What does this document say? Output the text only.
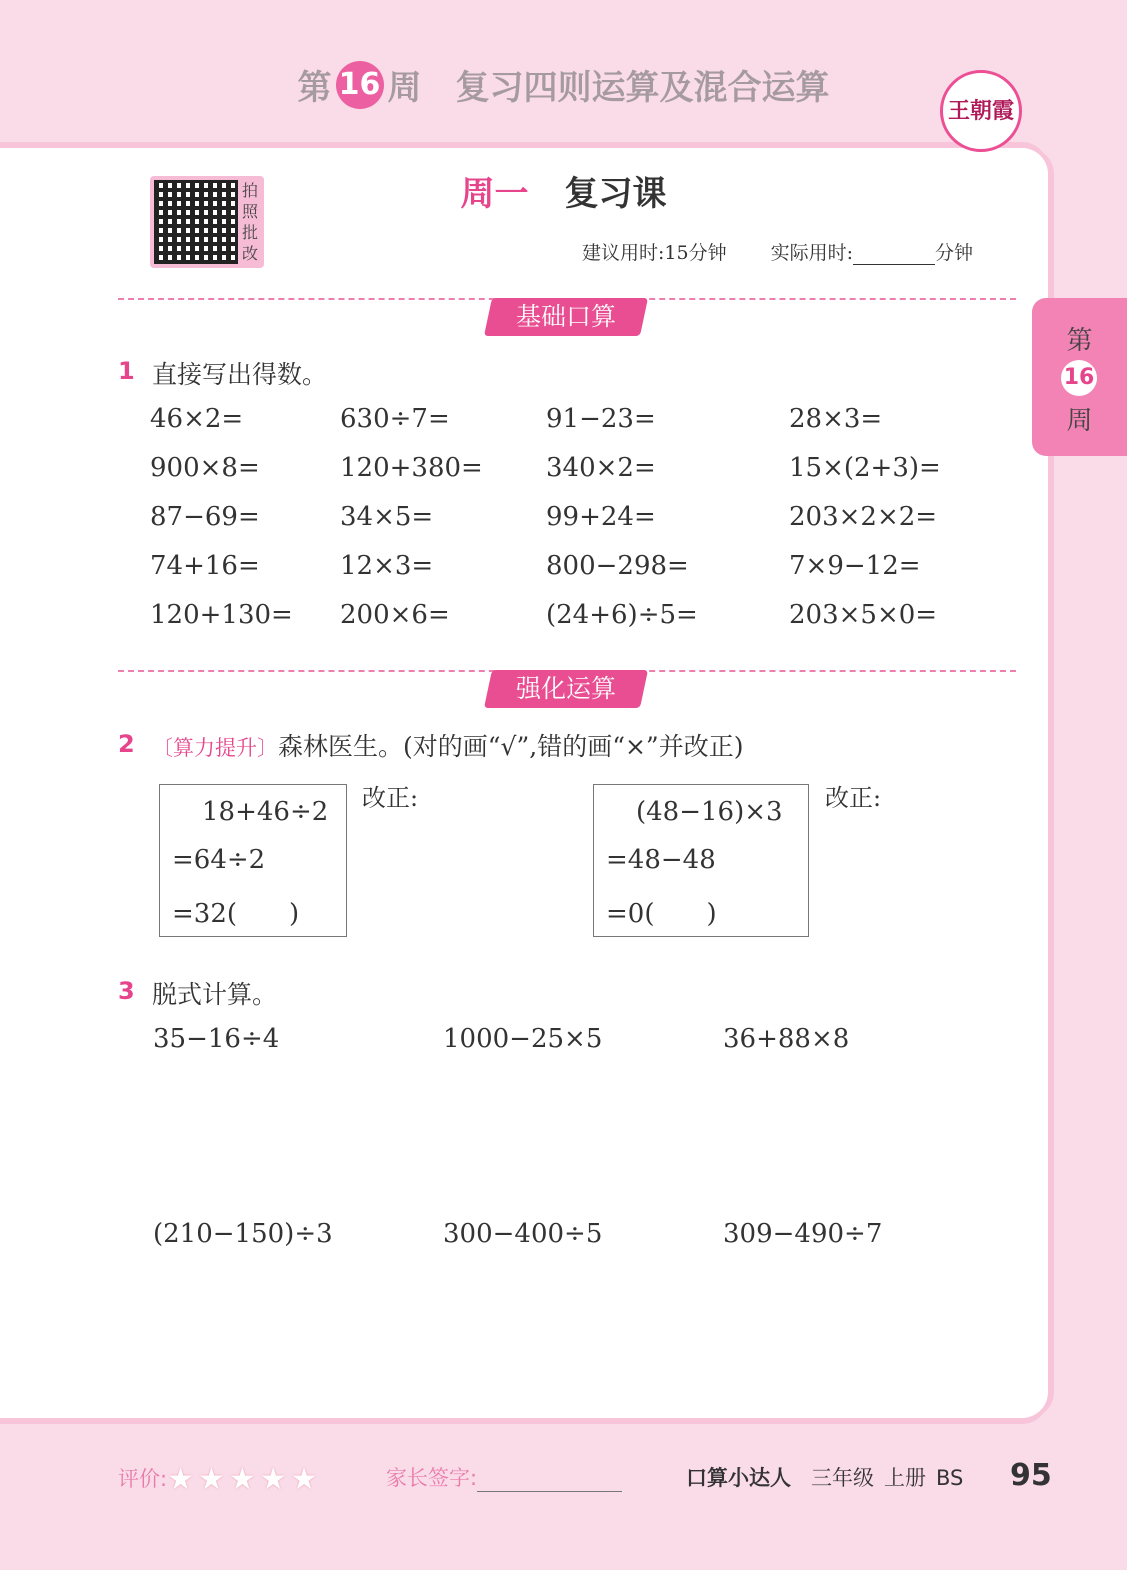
第 16 周 复习四则运算及混合运算
王朝霞
拍照批改
周一 复习课
建议用时:15分钟 实际用时:	分钟
第
16
周
基础口算
1 直接写出得数。
46×2=	630÷7=	91−23=	28×3=
900×8=	120+380= 340×2=	15×(2+3)=
87−69=	34×5=	99+24=	203×2×2=
74+16=	12×3=	800−298=	7×9−12=
120+130= 200×6=	(24+6)÷5=	203×5×0=
强化运算
2 〔算力提升〕森林医生。(对的画“√”,错的画“×”并改正)
18+46÷2
=64÷2
=32(　　)
改正:	(48−16)×3
=48−48
=0(　　)
改正:
3 脱式计算。
35−16÷4	1000−25×5	36+88×8
(210−150)÷3	300−400÷5	309−490÷7
评价:★★★★★	家长签字:	口算小达人 三年级 上册 BS 95
